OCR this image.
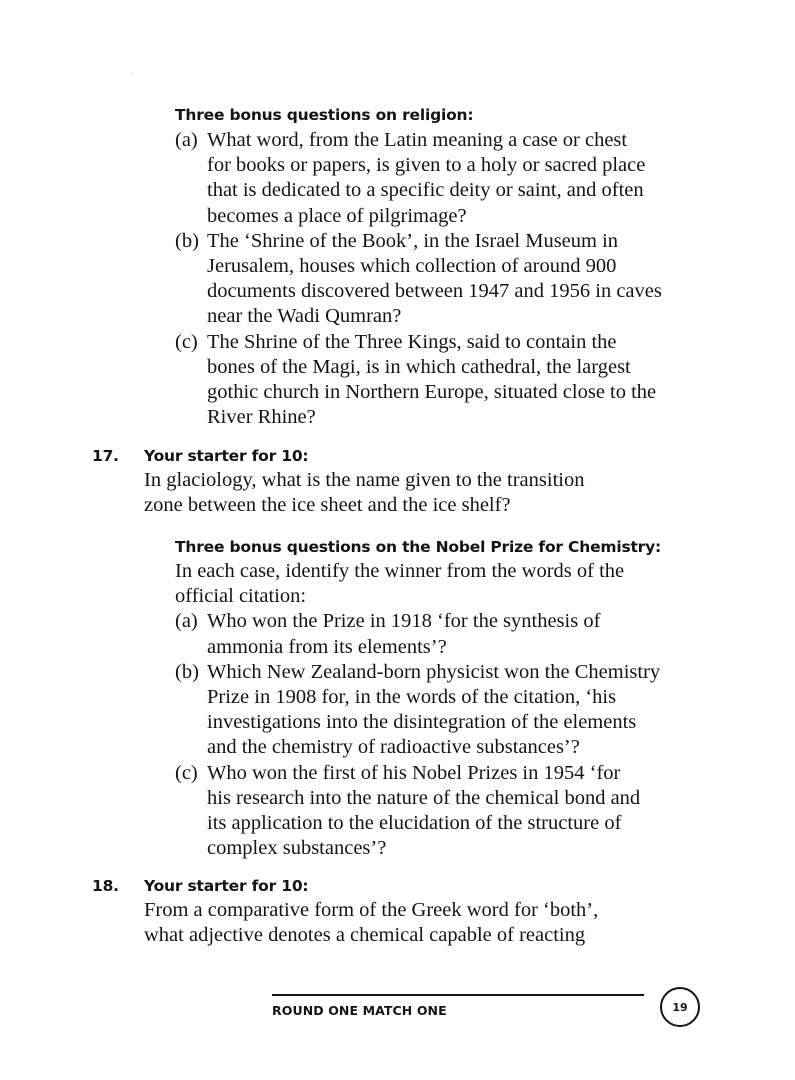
Three bonus questions on religion:
(a) What word, from the Latin meaning a case or chest
for books or papers, is given to a holy or sacred place
that is dedicated to a specific deity or saint, and often
becomes a place of pilgrimage?
(b) The ‘Shrine of the Book’, in the Israel Museum in
Jerusalem, houses which collection of around 900
documents discovered between 1947 and 1956 in caves
near the Wadi Qumran?
(c) The Shrine of the Three Kings, said to contain the
bones of the Magi, is in which cathedral, the largest
gothic church in Northern Europe, situated close to the
River Rhine?
17. Your starter for 10:
In glaciology, what is the name given to the transition
zone between the ice sheet and the ice shelf?
Three bonus questions on the Nobel Prize for Chemistry:
In each case, identify the winner from the words of the
official citation:
(a) Who won the Prize in 1918 ‘for the synthesis of
ammonia from its elements’?
(b) Which New Zealand-born physicist won the Chemistry
Prize in 1908 for, in the words of the citation, ‘his
investigations into the disintegration of the elements
and the chemistry of radioactive substances’?
(c) Who won the first of his Nobel Prizes in 1954 ‘for
his research into the nature of the chemical bond and
its application to the elucidation of the structure of
complex substances’?
18. Your starter for 10:
From a comparative form of the Greek word for ‘both’,
what adjective denotes a chemical capable of reacting
ROUND ONE MATCH ONE	19
